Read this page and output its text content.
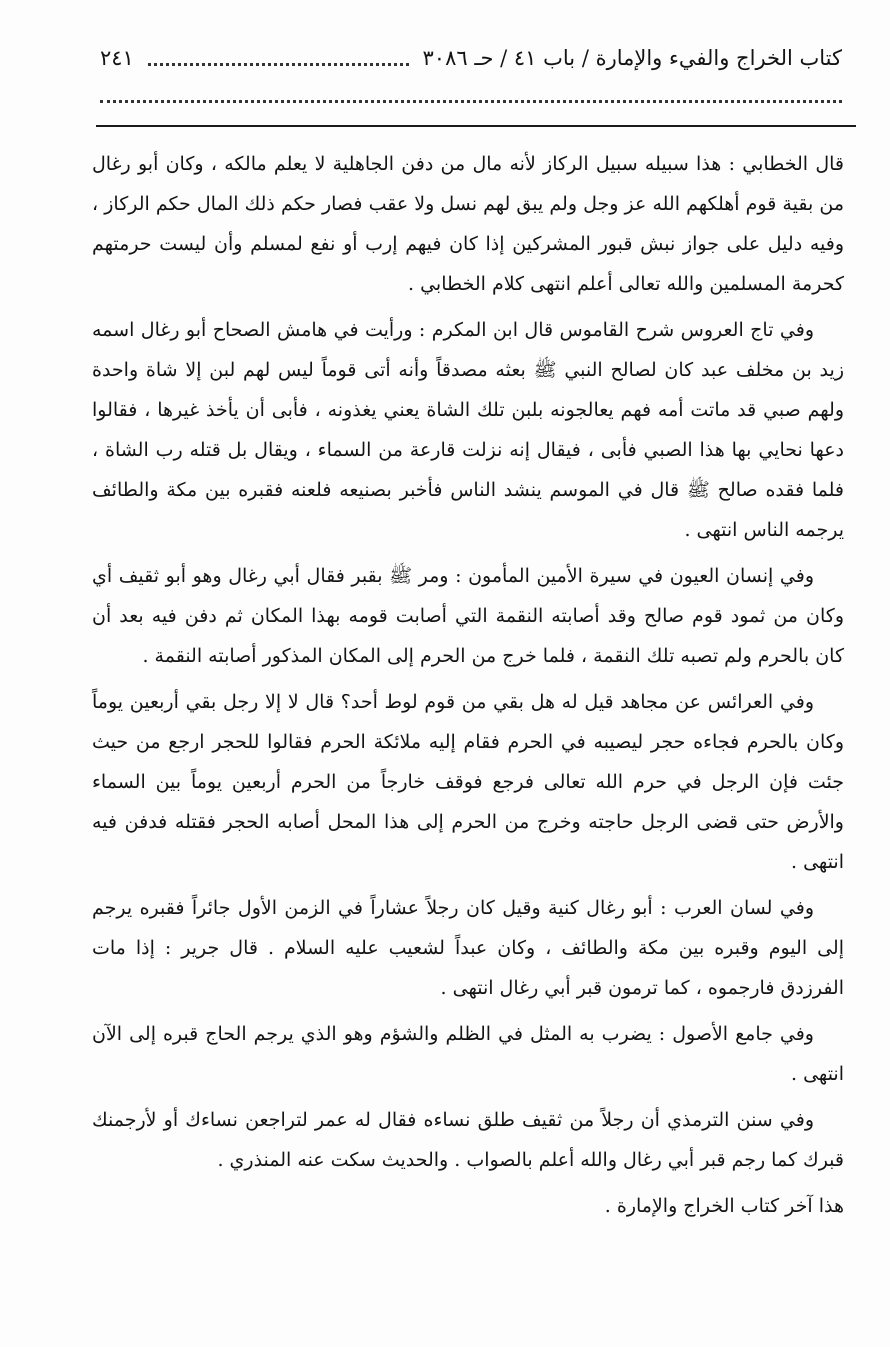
كتاب الخراج والفيء والإمارة / باب ٤١ / حـ ٣٠٨٦
٢٤١

قال الخطابي : هذا سبيله سبيل الركاز لأنه مال من دفن الجاهلية لا يعلم مالكه ، وكان أبو رغال من بقية قوم أهلكهم الله عز وجل ولم يبق لهم نسل ولا عقب فصار حكم ذلك المال حكم الركاز ، وفيه دليل على جواز نبش قبور المشركين إذا كان فيهم إرب أو نفع لمسلم وأن ليست حرمتهم كحرمة المسلمين والله تعالى أعلم انتهى كلام الخطابي .

وفي تاج العروس شرح القاموس قال ابن المكرم : ورأيت في هامش الصحاح أبو رغال اسمه زيد بن مخلف عبد كان لصالح النبي ﷺ بعثه مصدقاً وأنه أتى قوماً ليس لهم لبن إلا شاة واحدة ولهم صبي قد ماتت أمه فهم يعالجونه بلبن تلك الشاة يعني يغذونه ، فأبى أن يأخذ غيرها ، فقالوا دعها نحايي بها هذا الصبي فأبى ، فيقال إنه نزلت قارعة من السماء ، ويقال بل قتله رب الشاة ، فلما فقده صالح ﷺ قال في الموسم ينشد الناس فأخبر بصنيعه فلعنه فقبره بين مكة والطائف يرجمه الناس انتهى .

وفي إنسان العيون في سيرة الأمين المأمون : ومر ﷺ بقبر فقال أبي رغال وهو أبو ثقيف أي وكان من ثمود قوم صالح وقد أصابته النقمة التي أصابت قومه بهذا المكان ثم دفن فيه بعد أن كان بالحرم ولم تصبه تلك النقمة ، فلما خرج من الحرم إلى المكان المذكور أصابته النقمة .

وفي العرائس عن مجاهد قيل له هل بقي من قوم لوط أحد؟ قال لا إلا رجل بقي أربعين يوماً وكان بالحرم فجاءه حجر ليصيبه في الحرم فقام إليه ملائكة الحرم فقالوا للحجر ارجع من حيث جئت فإن الرجل في حرم الله تعالى فرجع فوقف خارجاً من الحرم أربعين يوماً بين السماء والأرض حتى قضى الرجل حاجته وخرج من الحرم إلى هذا المحل أصابه الحجر فقتله فدفن فيه انتهى .

وفي لسان العرب : أبو رغال كنية وقيل كان رجلاً عشاراً في الزمن الأول جائراً فقبره يرجم إلى اليوم وقبره بين مكة والطائف ، وكان عبداً لشعيب عليه السلام . قال جرير : إذا مات الفرزدق فارجموه ، كما ترمون قبر أبي رغال انتهى .

وفي جامع الأصول : يضرب به المثل في الظلم والشؤم وهو الذي يرجم الحاج قبره إلى الآن انتهى .

وفي سنن الترمذي أن رجلاً من ثقيف طلق نساءه فقال له عمر لتراجعن نساءك أو لأرجمنك قبرك كما رجم قبر أبي رغال والله أعلم بالصواب . والحديث سكت عنه المنذري .

هذا آخر كتاب الخراج والإمارة .
